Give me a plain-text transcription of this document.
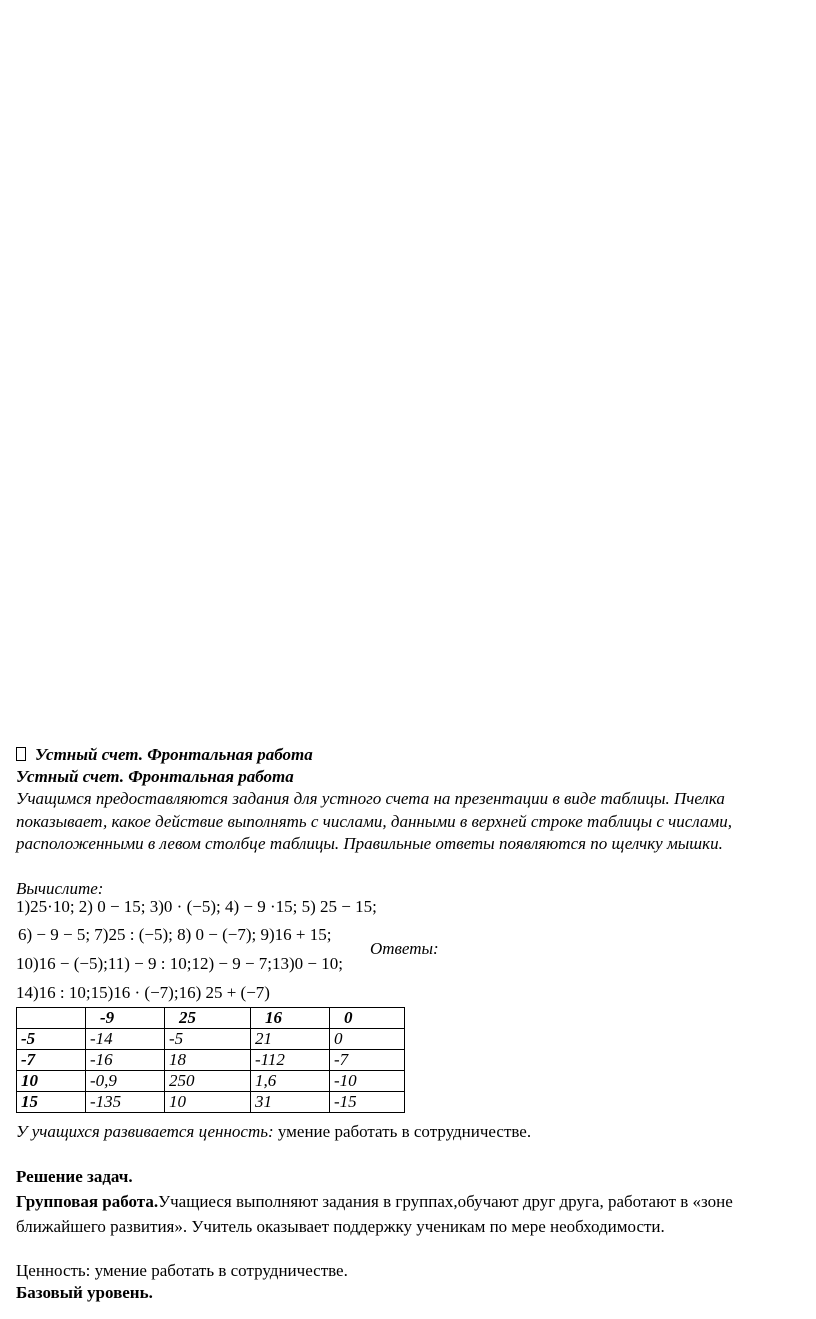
Устный счет. Фронтальная работа
Устный счет. Фронтальная работа
Учащимся предоставляются задания для устного счета на презентации в виде таблицы. Пчелка показывает, какое действие выполнять с числами, данными в верхней строке таблицы с числами, расположенными в левом столбце таблицы. Правильные ответы появляются по щелчку мышки.
Вычислите:
1)25·10; 2) 0 − 15; 3)0 · (−5); 4) − 9 ·15; 5) 25 − 15;
6) − 9 − 5; 7)25 : (−5); 8) 0 − (−7); 9)16 + 15;
10)16 − (−5);11) − 9 : 10;12) − 9 − 7;13)0 − 10;
14)16 : 10;15)16 · (−7);16) 25 + (−7)
Ответы:
	-9	25	16	0
-5	-14	-5	21	0
-7	-16	18	-112	-7
10	-0,9	250	1,6	-10
15	-135	10	31	-15
У учащихся развивается ценность: умение работать в сотрудничестве.
Решение задач.
Групповая работа.Учащиеся выполняют задания в группах,обучают друг друга, работают в «зоне ближайшего развития». Учитель оказывает поддержку ученикам по мере необходимости.
Ценность: умение работать в сотрудничестве.
Базовый уровень.
